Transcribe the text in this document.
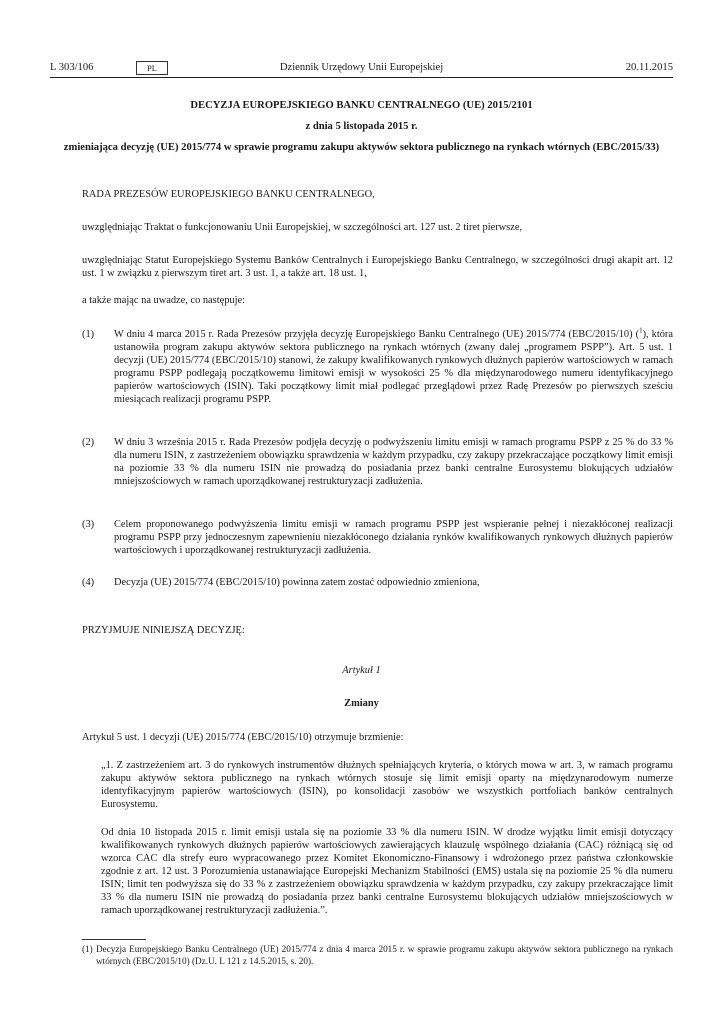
L 303/106	PL	Dziennik Urzędowy Unii Europejskiej	20.11.2015
DECYZJA EUROPEJSKIEGO BANKU CENTRALNEGO (UE) 2015/2101
z dnia 5 listopada 2015 r.
zmieniająca decyzję (UE) 2015/774 w sprawie programu zakupu aktywów sektora publicznego na rynkach wtórnych (EBC/2015/33)
RADA PREZESÓW EUROPEJSKIEGO BANKU CENTRALNEGO,
uwzględniając Traktat o funkcjonowaniu Unii Europejskiej, w szczególności art. 127 ust. 2 tiret pierwsze,
uwzględniając Statut Europejskiego Systemu Banków Centralnych i Europejskiego Banku Centralnego, w szczególności drugi akapit art. 12 ust. 1 w związku z pierwszym tiret art. 3 ust. 1, a także art. 18 ust. 1,
a także mając na uwadze, co następuje:
(1) W dniu 4 marca 2015 r. Rada Prezesów przyjęła decyzję Europejskiego Banku Centralnego (UE) 2015/774 (EBC/2015/10) ($^1$), która ustanowiła program zakupu aktywów sektora publicznego na rynkach wtórnych (zwany dalej „programem PSPP”). Art. 5 ust. 1 decyzji (UE) 2015/774 (EBC/2015/10) stanowi, że zakupy kwalifikowanych rynkowych dłużnych papierów wartościowych w ramach programu PSPP podlegają początkowemu limitowi emisji w wysokości 25 % dla międzynarodowego numeru identyfikacyjnego papierów wartościowych (ISIN). Taki początkowy limit miał podlegać przeglądowi przez Radę Prezesów po pierwszych sześciu miesiącach realizacji programu PSPP.
(2) W dniu 3 września 2015 r. Rada Prezesów podjęła decyzję o podwyższeniu limitu emisji w ramach programu PSPP z 25 % do 33 % dla numeru ISIN, z zastrzeżeniem obowiązku sprawdzenia w każdym przypadku, czy zakupy przekraczające początkowy limit emisji na poziomie 33 % dla numeru ISIN nie prowadzą do posiadania przez banki centralne Eurosystemu blokujących udziałów mniejszościowych w ramach uporządkowanej restrukturyzacji zadłużenia.
(3) Celem proponowanego podwyższenia limitu emisji w ramach programu PSPP jest wspieranie pełnej i niezakłóconej realizacji programu PSPP przy jednoczesnym zapewnieniu niezakłóconego działania rynków kwalifikowanych rynkowych dłużnych papierów wartościowych i uporządkowanej restrukturyzacji zadłużenia.
(4) Decyzja (UE) 2015/774 (EBC/2015/10) powinna zatem zostać odpowiednio zmieniona,
PRZYJMUJE NINIEJSZĄ DECYZJĘ:
Artykuł 1
Zmiany
Artykuł 5 ust. 1 decyzji (UE) 2015/774 (EBC/2015/10) otrzymuje brzmienie:
„1. Z zastrzeżeniem art. 3 do rynkowych instrumentów dłużnych spełniających kryteria, o których mowa w art. 3, w ramach programu zakupu aktywów sektora publicznego na rynkach wtórnych stosuje się limit emisji oparty na międzynarodowym numerze identyfikacyjnym papierów wartościowych (ISIN), po konsolidacji zasobów we wszystkich portfoliach banków centralnych Eurosystemu.
Od dnia 10 listopada 2015 r. limit emisji ustala się na poziomie 33 % dla numeru ISIN. W drodze wyjątku limit emisji dotyczący kwalifikowanych rynkowych dłużnych papierów wartościowych zawierających klauzulę wspólnego działania (CAC) różniącą się od wzorca CAC dla strefy euro wypracowanego przez Komitet Ekonomiczno-Finansowy i wdrożonego przez państwa członkowskie zgodnie z art. 12 ust. 3 Porozumienia ustanawiające Europejski Mechanizm Stabilności (EMS) ustala się na poziomie 25 % dla numeru ISIN; limit ten podwyższa się do 33 % z zastrzeżeniem obowiązku sprawdzenia w każdym przypadku, czy zakupy przekraczające limit 33 % dla numeru ISIN nie prowadzą do posiadania przez banki centralne Eurosystemu blokujących udziałów mniejszościowych w ramach uporządkowanej restrukturyzacji zadłużenia.”.
(1) Decyzja Europejskiego Banku Centralnego (UE) 2015/774 z dnia 4 marca 2015 r. w sprawie programu zakupu aktywów sektora publicznego na rynkach wtórnych (EBC/2015/10) (Dz.U. L 121 z 14.5.2015, s. 20).
